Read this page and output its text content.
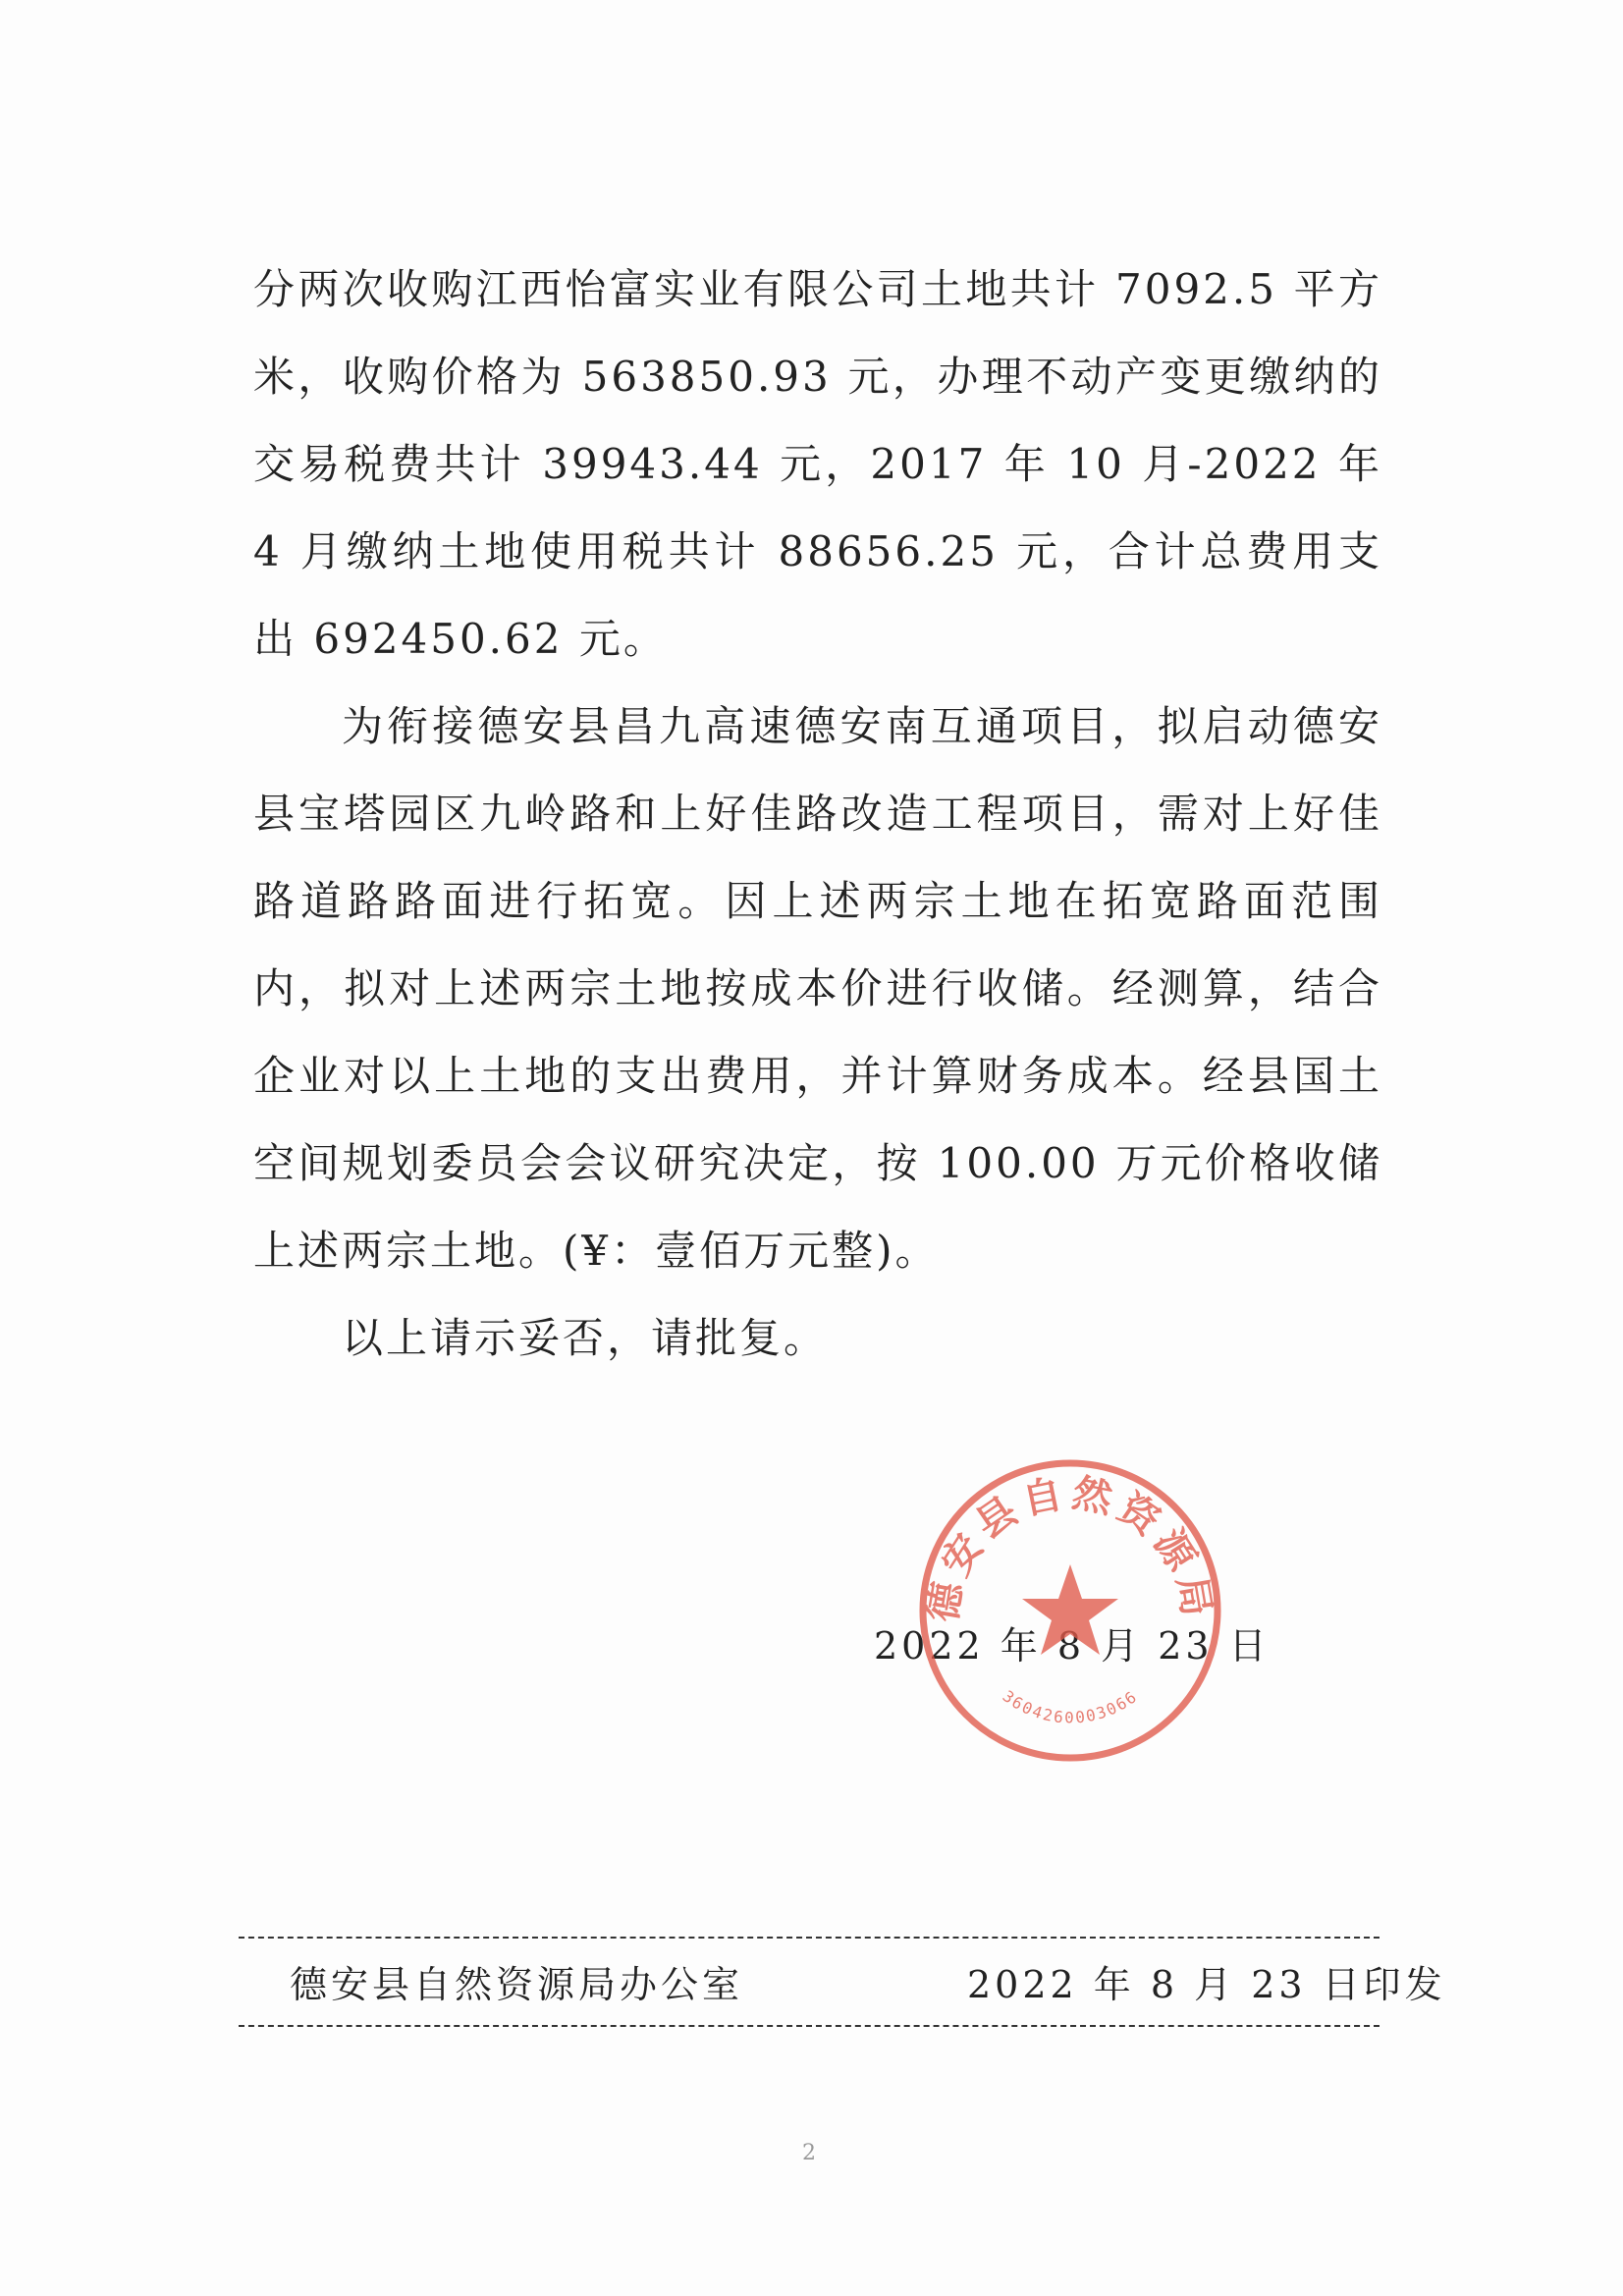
分两次收购江西怡富实业有限公司土地共计 7092.5 平方米，收购价格为 563850.93 元，办理不动产变更缴纳的交易税费共计 39943.44 元，2017 年 10 月-2022 年 4 月缴纳土地使用税共计 88656.25 元，合计总费用支出 692450.62 元。

为衔接德安县昌九高速德安南互通项目，拟启动德安县宝塔园区九岭路和上好佳路改造工程项目，需对上好佳路道路路面进行拓宽。因上述两宗土地在拓宽路面范围内，拟对上述两宗土地按成本价进行收储。经测算，结合企业对以上土地的支出费用，并计算财务成本。经县国土空间规划委员会会议研究决定，按 100.00 万元价格收储上述两宗土地。(¥：壹佰万元整)。

以上请示妥否，请批复。

2022 年 8 月 23 日
德安县自然资源局
3604260003066
德安县自然资源局办公室	2022 年 8 月 23 日印发
2
